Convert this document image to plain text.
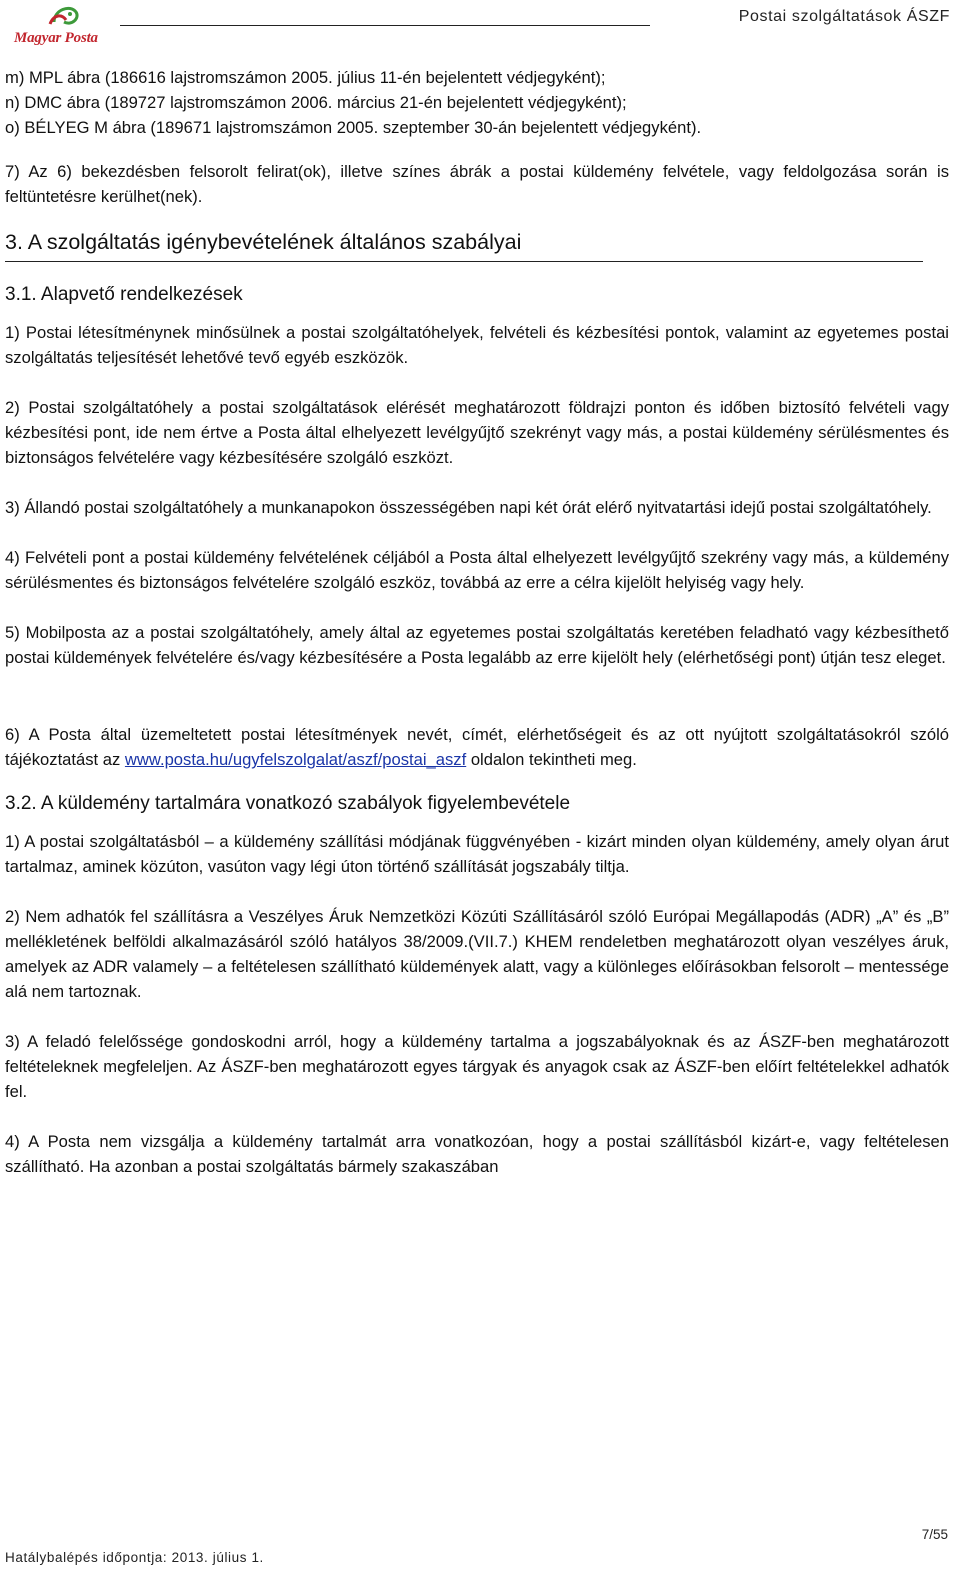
Magyar Posta
Postai szolgáltatások ÁSZF

m) MPL ábra (186616 lajstromszámon 2005. július 11-én bejelentett védjegyként);

n) DMC ábra (189727 lajstromszámon 2006. március 21-én bejelentett védjegyként);

o) BÉLYEG M ábra (189671 lajstromszámon 2005. szeptember 30-án bejelentett védjegyként).

7) Az 6) bekezdésben felsorolt felirat(ok), illetve színes ábrák a postai küldemény felvétele, vagy feldolgozása során is feltüntetésre kerülhet(nek).

3. A szolgáltatás igénybevételének általános szabályai
3.1. Alapvető rendelkezések

1) Postai létesítménynek minősülnek a postai szolgáltatóhelyek, felvételi és kézbesítési pontok, valamint az egyetemes postai szolgáltatás teljesítését lehetővé tevő egyéb eszközök.

2) Postai szolgáltatóhely a postai szolgáltatások elérését meghatározott földrajzi ponton és időben biztosító felvételi vagy kézbesítési pont, ide nem értve a Posta által elhelyezett levélgyűjtő szekrényt vagy más, a postai küldemény sérülésmentes és biztonságos felvételére vagy kézbesítésére szolgáló eszközt.

3) Állandó postai szolgáltatóhely a munkanapokon összességében napi két órát elérő nyitvatartási idejű postai szolgáltatóhely.

4) Felvételi pont a postai küldemény felvételének céljából a Posta által elhelyezett levélgyűjtő szekrény vagy más, a küldemény sérülésmentes és biztonságos felvételére szolgáló eszköz, továbbá az erre a célra kijelölt helyiség vagy hely.

5) Mobilposta az a postai szolgáltatóhely, amely által az egyetemes postai szolgáltatás keretében feladható vagy kézbesíthető postai küldemények felvételére és/vagy kézbesítésére a Posta legalább az erre kijelölt hely (elérhetőségi pont) útján tesz eleget.

6) A Posta által üzemeltetett postai létesítmények nevét, címét, elérhetőségeit és az ott nyújtott szolgáltatásokról szóló tájékoztatást az www.posta.hu/ugyfelszolgalat/aszf/postai_aszf oldalon tekintheti meg.

3.2. A küldemény tartalmára vonatkozó szabályok figyelembevétele

1) A postai szolgáltatásból – a küldemény szállítási módjának függvényében - kizárt minden olyan küldemény, amely olyan árut tartalmaz, aminek közúton, vasúton vagy légi úton történő szállítását jogszabály tiltja.

2) Nem adhatók fel szállításra a Veszélyes Áruk Nemzetközi Közúti Szállításáról szóló Európai Megállapodás (ADR) „A” és „B” mellékletének belföldi alkalmazásáról szóló hatályos 38/2009.(VII.7.) KHEM rendeletben meghatározott olyan veszélyes áruk, amelyek az ADR valamely – a feltételesen szállítható küldemények alatt, vagy a különleges előírásokban felsorolt – mentessége alá nem tartoznak.

3) A feladó felelőssége gondoskodni arról, hogy a küldemény tartalma a jogszabályoknak és az ÁSZF-ben meghatározott feltételeknek megfeleljen. Az ÁSZF-ben meghatározott egyes tárgyak és anyagok csak az ÁSZF-ben előírt feltételekkel adhatók fel.

4) A Posta nem vizsgálja a küldemény tartalmát arra vonatkozóan, hogy a postai szállításból kizárt-e, vagy feltételesen szállítható. Ha azonban a postai szolgáltatás bármely szakaszában

7/55
Hatálybalépés időpontja: 2013. július 1.
